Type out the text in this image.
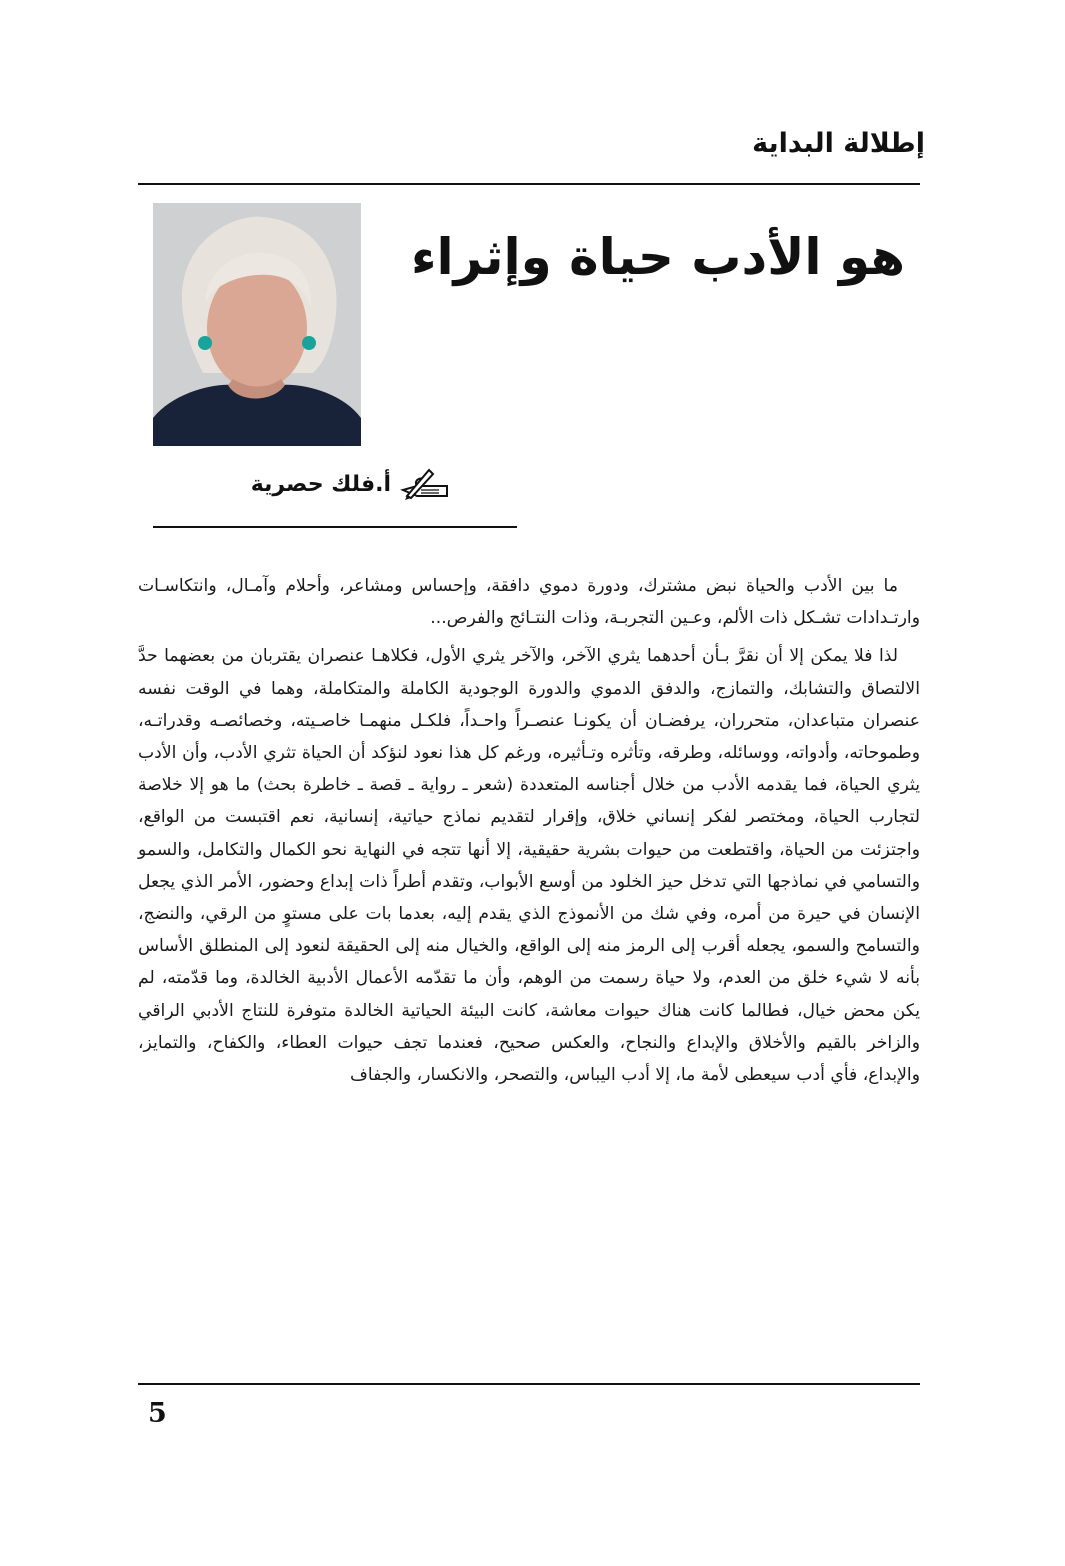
إطلالة البداية
هو الأدب حياة وإثراء
أ.فلك حصرية

ما بين الأدب والحياة نبض مشترك، ودورة دموي دافقة، وإحساس ومشاعر، وأحلام وآمـال، وانتكاسـات وارتـدادات تشـكل ذات الألم، وعـين التجربـة، وذات النتـائج والفرص...

لذا فلا يمكن إلا أن نقرَّ بـأن أحدهما يثري الآخر، والآخر يثري الأول، فكلاهـا عنصران يقتربان من بعضهما حدَّ الالتصاق والتشابك، والتمازج، والدفق الدموي والدورة الوجودية الكاملة والمتكاملة، وهما في الوقت نفسه عنصران متباعدان، متحرران، يرفضـان أن يكونـا عنصـراً واحـداً، فلكـل منهمـا خاصـيته، وخصائصـه وقدراتـه، وطموحاته، وأدواته، ووسائله، وطرقه، وتأثره وتـأثيره، ورغم كل هذا نعود لنؤكد أن الحياة تثري الأدب، وأن الأدب يثري الحياة، فما يقدمه الأدب من خلال أجناسه المتعددة (شعر ـ رواية ـ قصة ـ خاطرة بحث) ما هو إلا خلاصة لتجارب الحياة، ومختصر لفكر إنساني خلاق، وإقرار لتقديم نماذج حياتية، إنسانية، نعم اقتبست من الواقع، واجتزئت من الحياة، واقتطعت من حيوات بشرية حقيقية، إلا أنها تتجه في النهاية نحو الكمال والتكامل، والسمو والتسامي في نماذجها التي تدخل حيز الخلود من أوسع الأبواب، وتقدم أطراً ذات إبداع وحضور، الأمر الذي يجعل الإنسان في حيرة من أمره، وفي شك من الأنموذج الذي يقدم إليه، بعدما بات على مستوٍ من الرقي، والنضج، والتسامح والسمو، يجعله أقرب إلى الرمز منه إلى الواقع، والخيال منه إلى الحقيقة لنعود إلى المنطلق الأساس بأنه لا شيء خلق من العدم، ولا حياة رسمت من الوهم، وأن ما تقدّمه الأعمال الأدبية الخالدة، وما قدّمته، لم يكن محض خيال، فطالما كانت هناك حيوات معاشة، كانت البيئة الحياتية الخالدة متوفرة للنتاج الأدبي الراقي والزاخر بالقيم والأخلاق والإبداع والنجاح، والعكس صحيح، فعندما تجف حيوات العطاء، والكفاح، والتمايز، والإبداع، فأي أدب سيعطى لأمة ما، إلا أدب اليباس، والتصحر، والانكسار، والجفاف

5
